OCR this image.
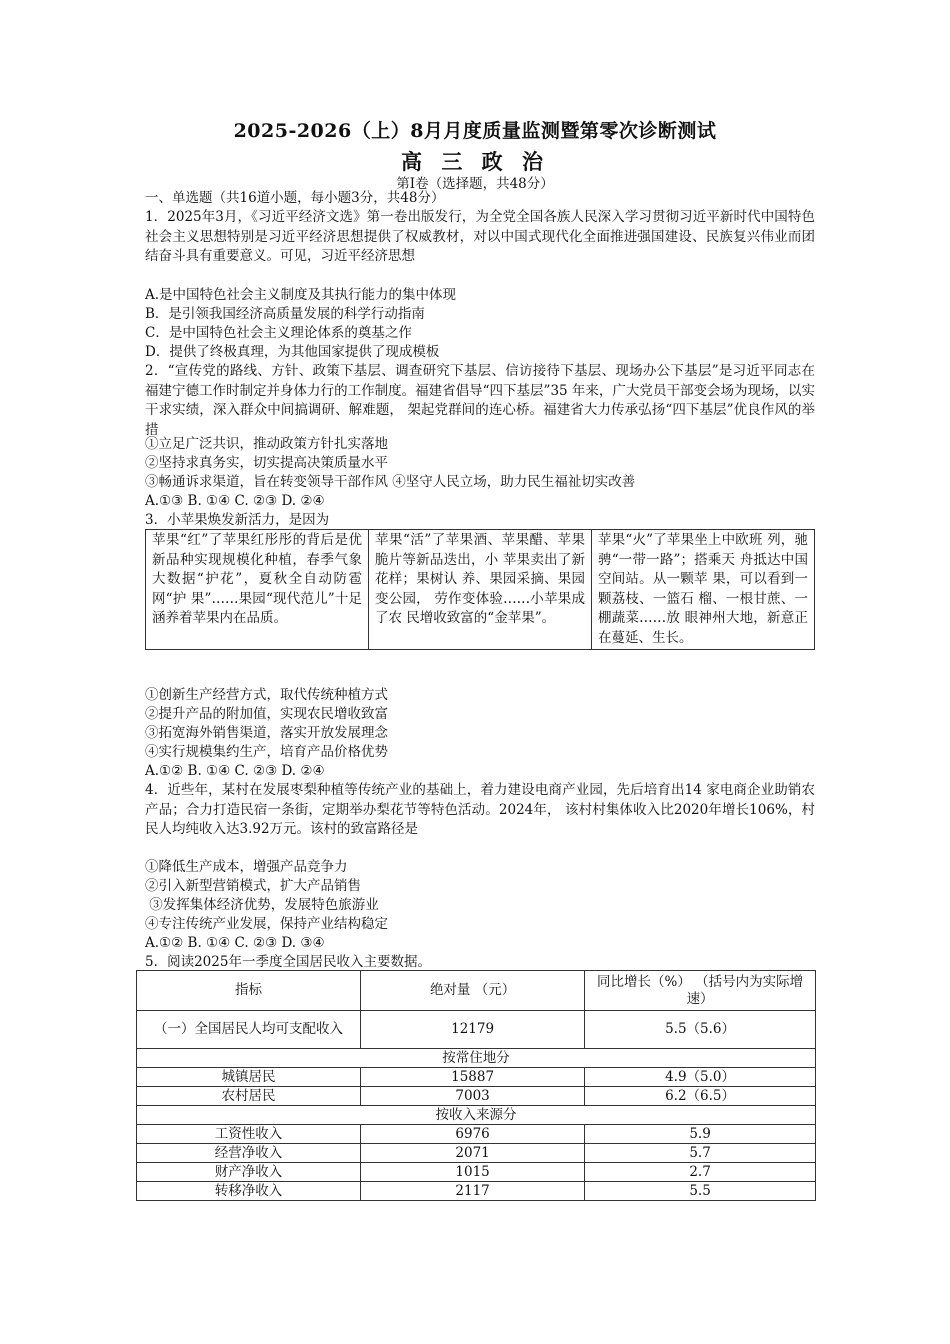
2025-2026（上）8月月度质量监测暨第零次诊断测试
高 三 政 治
第Ⅰ卷（选择题，共48分）
一、单选题（共16道小题，每小题3分，共48分）
1．2025年3月，《习近平经济文选》第一卷出版发行，为全党全国各族人民深入学习贯彻习近平新时代中国特色社会主义思想特别是习近平经济思想提供了权威教材，对以中国式现代化全面推进强国建设、民族复兴伟业而团结奋斗具有重要意义。可见，习近平经济思想
A.是中国特色社会主义制度及其执行能力的集中体现
B．是引领我国经济高质量发展的科学行动指南
C．是中国特色社会主义理论体系的奠基之作
D．提供了终极真理，为其他国家提供了现成模板
2．“宣传党的路线、方针、政策下基层、调查研究下基层、信访接待下基层、现场办公下基层”是习近平同志在福建宁德工作时制定并身体力行的工作制度。福建省倡导“四下基层”35 年来，广大党员干部变会场为现场，以实干求实绩，深入群众中间搞调研、解难题， 架起党群间的连心桥。福建省大力传承弘扬“四下基层”优良作风的举措
①立足广泛共识，推动政策方针扎实落地
②坚持求真务实，切实提高决策质量水平
③畅通诉求渠道，旨在转变领导干部作风 ④坚守人民立场，助力民生福祉切实改善
A.①③ B. ①④ C. ②③ D. ②④
3．小苹果焕发新活力，是因为
苹果“红”了苹果红彤彤的背后是优新品种实现规模化种植，春季气象大数据“护花”，夏秋全自动防雹网“护 果”……果园“现代范儿”十足涵养着苹果内在品质。	苹果“活”了苹果酒、苹果醋、苹果脆片等新品迭出，小 苹果卖出了新花样；果树认 养、果园采摘、果园变公园， 劳作变体验……小苹果成了农 民增收致富的“金苹果”。	苹果“火”了苹果坐上中欧班 列，驰骋“一带一路”；搭乘天 舟抵达中国空间站。从一颗苹 果，可以看到一颗荔枝、一篮石 榴、一根甘蔗、一棚蔬菜……放 眼神州大地，新意正在蔓延、生长。
①创新生产经营方式，取代传统种植方式
②提升产品的附加值，实现农民增收致富
③拓宽海外销售渠道，落实开放发展理念
④实行规模集约生产，培育产品价格优势
A.①② B. ①④ C. ②③ D. ②④
4．近些年，某村在发展枣梨种植等传统产业的基础上，着力建设电商产业园，先后培育出14 家电商企业助销农产品；合力打造民宿一条街，定期举办梨花节等特色活动。2024年， 该村村集体收入比2020年增长106%，村民人均纯收入达3.92万元。该村的致富路径是
①降低生产成本，增强产品竞争力
②引入新型营销模式，扩大产品销售
③发挥集体经济优势，发展特色旅游业
④专注传统产业发展，保持产业结构稳定
A.①② B. ①④ C. ②③ D. ③④
5．阅读2025年一季度全国居民收入主要数据。
指标	绝对量 （元）	同比增长（%） （括号内为实际增速）
（一）全国居民人均可支配收入	12179	5.5（5.6）
按常住地分		
城镇居民	15887	4.9（5.0）
农村居民	7003	6.2（6.5）
按收入来源分		
工资性收入	6976	5.9
经营净收入	2071	5.7
财产净收入	1015	2.7
转移净收入	2117	5.5
